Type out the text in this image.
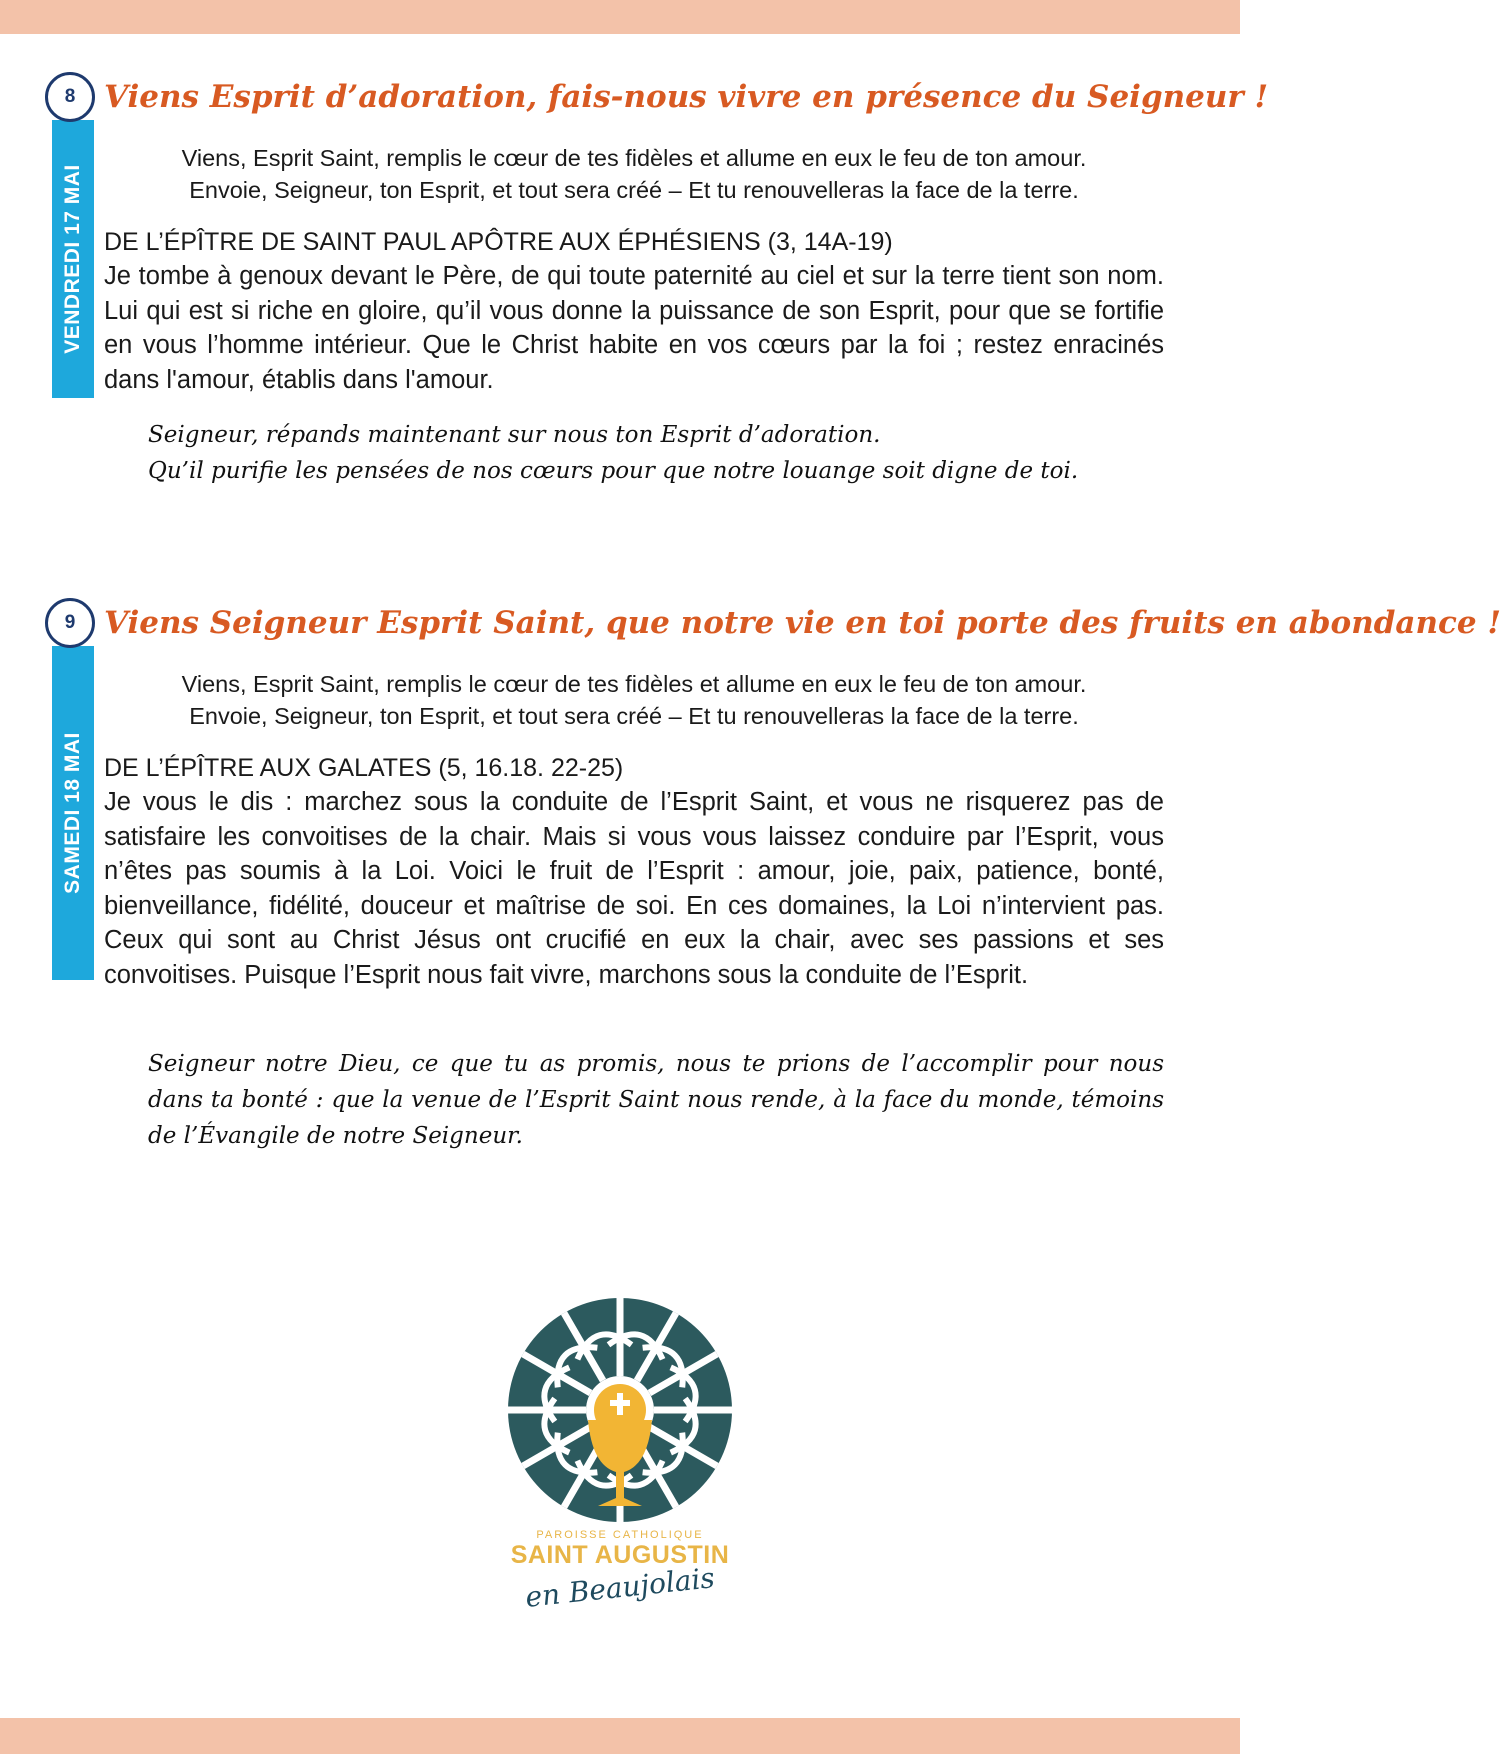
VENDREDI 17 MAI
8 Viens Esprit d’adoration, fais-nous vivre en présence du Seigneur !
Viens, Esprit Saint, remplis le cœur de tes fidèles et allume en eux le feu de ton amour.
Envoie, Seigneur, ton Esprit, et tout sera créé – Et tu renouvelleras la face de la terre.
DE L’ÉPÎTRE DE SAINT PAUL APÔTRE AUX ÉPHÉSIENS (3, 14A-19)

Je tombe à genoux devant le Père, de qui toute paternité au ciel et sur la terre tient son nom. Lui qui est si riche en gloire, qu’il vous donne la puissance de son Esprit, pour que se fortifie en vous l’homme intérieur. Que le Christ habite en vos cœurs par la foi ; restez enracinés dans l'amour, établis dans l'amour.

Seigneur, répands maintenant sur nous ton Esprit d’adoration.
Qu’il purifie les pensées de nos cœurs pour que notre louange soit digne de toi.
SAMEDI 18 MAI
9 Viens Seigneur Esprit Saint, que notre vie en toi porte des fruits en abondance !
Viens, Esprit Saint, remplis le cœur de tes fidèles et allume en eux le feu de ton amour.
Envoie, Seigneur, ton Esprit, et tout sera créé – Et tu renouvelleras la face de la terre.
DE L’ÉPÎTRE AUX GALATES (5, 16.18. 22-25)

Je vous le dis : marchez sous la conduite de l’Esprit Saint, et vous ne risquerez pas de satisfaire les convoitises de la chair. Mais si vous vous laissez conduire par l’Esprit, vous n’êtes pas soumis à la Loi. Voici le fruit de l’Esprit : amour, joie, paix, patience, bonté, bienveillance, fidélité, douceur et maîtrise de soi. En ces domaines, la Loi n’intervient pas. Ceux qui sont au Christ Jésus ont crucifié en eux la chair, avec ses passions et ses convoitises. Puisque l’Esprit nous fait vivre, marchons sous la conduite de l’Esprit.

Seigneur notre Dieu, ce que tu as promis, nous te prions de l’accomplir pour nous dans ta bonté : que la venue de l’Esprit Saint nous rende, à la face du monde, témoins de l’Évangile de notre Seigneur.

PAROISSE CATHOLIQUE
SAINT AUGUSTIN
en Beaujolais
